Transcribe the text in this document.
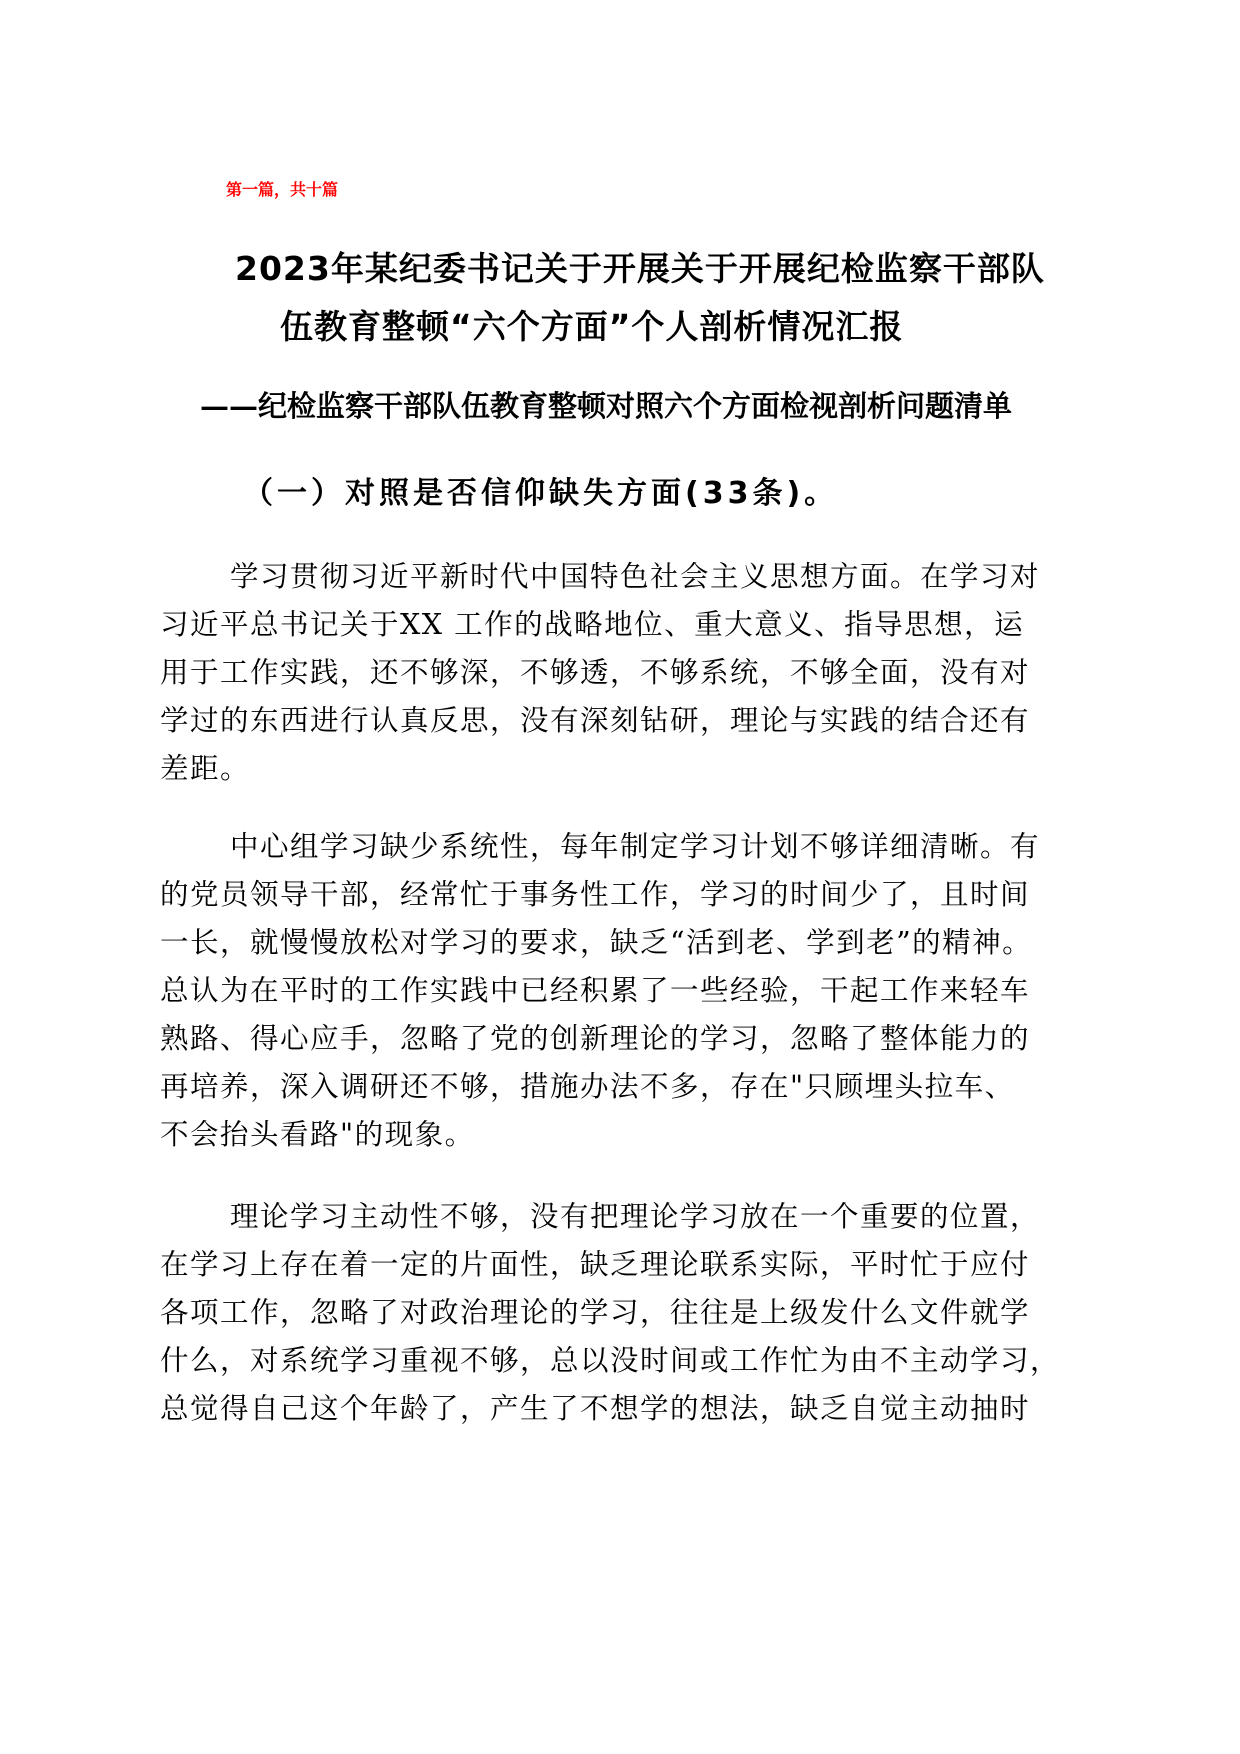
第一篇，共十篇
2023年某纪委书记关于开展关于开展纪检监察干部队
伍教育整顿“六个方面”个人剖析情况汇报
——纪检监察干部队伍教育整顿对照六个方面检视剖析问题清单
（一）对照是否信仰缺失方面(33条)。
学习贯彻习近平新时代中国特色社会主义思想方面。在学习对
习近平总书记关于XX 工作的战略地位、重大意义、指导思想，运
用于工作实践，还不够深，不够透，不够系统，不够全面，没有对
学过的东西进行认真反思，没有深刻钻研，理论与实践的结合还有
差距。
中心组学习缺少系统性，每年制定学习计划不够详细清晰。有
的党员领导干部，经常忙于事务性工作，学习的时间少了，且时间
一长，就慢慢放松对学习的要求，缺乏“活到老、学到老”的精神。
总认为在平时的工作实践中已经积累了一些经验，干起工作来轻车
熟路、得心应手，忽略了党的创新理论的学习，忽略了整体能力的
再培养，深入调研还不够，措施办法不多，存在"只顾埋头拉车、
不会抬头看路"的现象。
理论学习主动性不够，没有把理论学习放在一个重要的位置，
在学习上存在着一定的片面性，缺乏理论联系实际，平时忙于应付
各项工作，忽略了对政治理论的学习，往往是上级发什么文件就学
什么，对系统学习重视不够，总以没时间或工作忙为由不主动学习，
总觉得自己这个年龄了，产生了不想学的想法，缺乏自觉主动抽时
